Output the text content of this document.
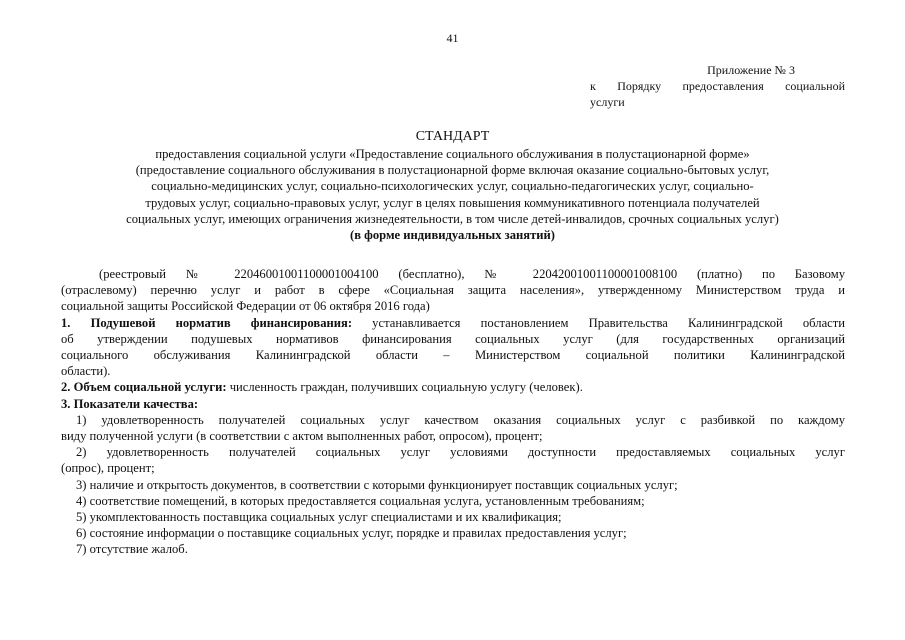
41
Приложение № 3
к Порядку предоставления социальной
услуги
СТАНДАРТ
предоставления социальной услуги «Предоставление социального обслуживания в полустационарной форме»
(предоставление социального обслуживания в полустационарной форме включая оказание социально-бытовых услуг,
социально-медицинских услуг, социально-психологических услуг, социально-педагогических услуг, социально-
трудовых услуг, социально-правовых услуг, услуг в целях повышения коммуникативного потенциала получателей
социальных услуг, имеющих ограничения жизнедеятельности, в том числе детей-инвалидов, срочных социальных услуг)
(в форме индивидуальных занятий)
(реестровый № 22046001001100001004100 (бесплатно), № 22042001001100001008100 (платно) по Базовому
(отраслевому) перечню услуг и работ в сфере «Социальная защита населения», утвержденному Министерством труда и
социальной защиты Российской Федерации от 06 октября 2016 года)
1. Подушевой норматив финансирования: устанавливается постановлением Правительства Калининградской области
об утверждении подушевых нормативов финансирования социальных услуг (для государственных организаций
социального обслуживания Калининградской области – Министерством социальной политики Калининградской
области).
2. Объем социальной услуги: численность граждан, получивших социальную услугу (человек).
3. Показатели качества:
1) удовлетворенность получателей социальных услуг качеством оказания социальных услуг с разбивкой по каждому
виду полученной услуги (в соответствии с актом выполненных работ, опросом), процент;
2) удовлетворенность получателей социальных услуг условиями доступности предоставляемых социальных услуг
(опрос), процент;
3) наличие и открытость документов, в соответствии с которыми функционирует поставщик социальных услуг;
4) соответствие помещений, в которых предоставляется социальная услуга, установленным требованиям;
5) укомплектованность поставщика социальных услуг специалистами и их квалификация;
6) состояние информации о поставщике социальных услуг, порядке и правилах предоставления услуг;
7) отсутствие жалоб.
